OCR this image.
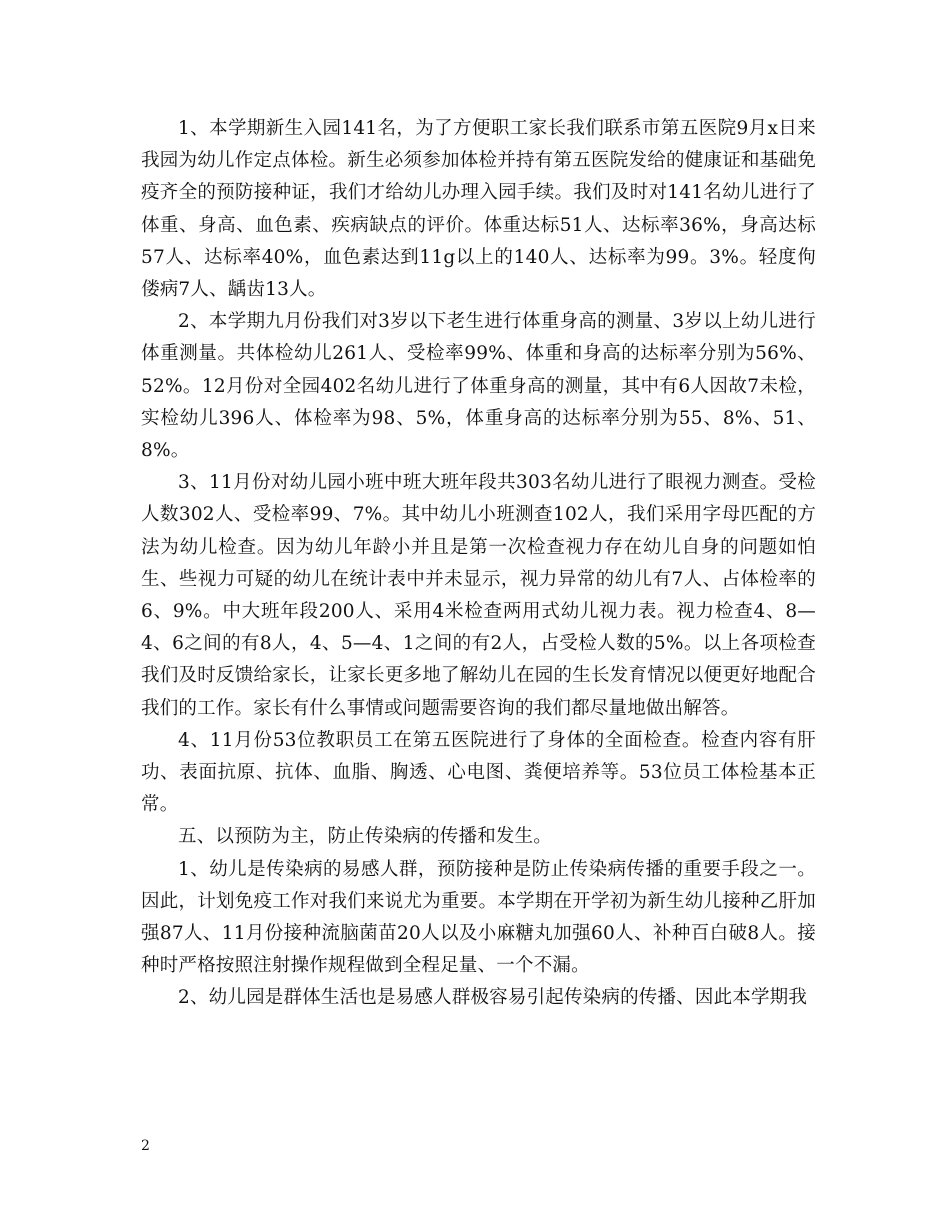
1、本学期新生入园141名，为了方便职工家长我们联系市第五医院9月x日来我园为幼儿作定点体检。新生必须参加体检并持有第五医院发给的健康证和基础免疫齐全的预防接种证，我们才给幼儿办理入园手续。我们及时对141名幼儿进行了体重、身高、血色素、疾病缺点的评价。体重达标51人、达标率36%，身高达标57人、达标率40%，血色素达到11g以上的140人、达标率为99。3%。轻度佝偻病7人、龋齿13人。

2、本学期九月份我们对3岁以下老生进行体重身高的测量、3岁以上幼儿进行体重测量。共体检幼儿261人、受检率99%、体重和身高的达标率分别为56%、52%。12月份对全园402名幼儿进行了体重身高的测量，其中有6人因故7未检，实检幼儿396人、体检率为98、5%，体重身高的达标率分别为55、8%、51、8%。

3、11月份对幼儿园小班中班大班年段共303名幼儿进行了眼视力测查。受检人数302人、受检率99、7%。其中幼儿小班测查102人，我们采用字母匹配的方法为幼儿检查。因为幼儿年龄小并且是第一次检查视力存在幼儿自身的问题如怕生、些视力可疑的幼儿在统计表中并未显示，视力异常的幼儿有7人、占体检率的6、9%。中大班年段200人、采用4米检查两用式幼儿视力表。视力检查4、8—4、6之间的有8人，4、5—4、1之间的有2人，占受检人数的5%。以上各项检查我们及时反馈给家长，让家长更多地了解幼儿在园的生长发育情况以便更好地配合我们的工作。家长有什么事情或问题需要咨询的我们都尽量地做出解答。

4、11月份53位教职员工在第五医院进行了身体的全面检查。检查内容有肝功、表面抗原、抗体、血脂、胸透、心电图、粪便培养等。53位员工体检基本正常。

五、以预防为主，防止传染病的传播和发生。

1、幼儿是传染病的易感人群，预防接种是防止传染病传播的重要手段之一。因此，计划免疫工作对我们来说尤为重要。本学期在开学初为新生幼儿接种乙肝加强87人、11月份接种流脑菌苗20人以及小麻糖丸加强60人、补种百白破8人。接种时严格按照注射操作规程做到全程足量、一个不漏。

2、幼儿园是群体生活也是易感人群极容易引起传染病的传播、因此本学期我

2
